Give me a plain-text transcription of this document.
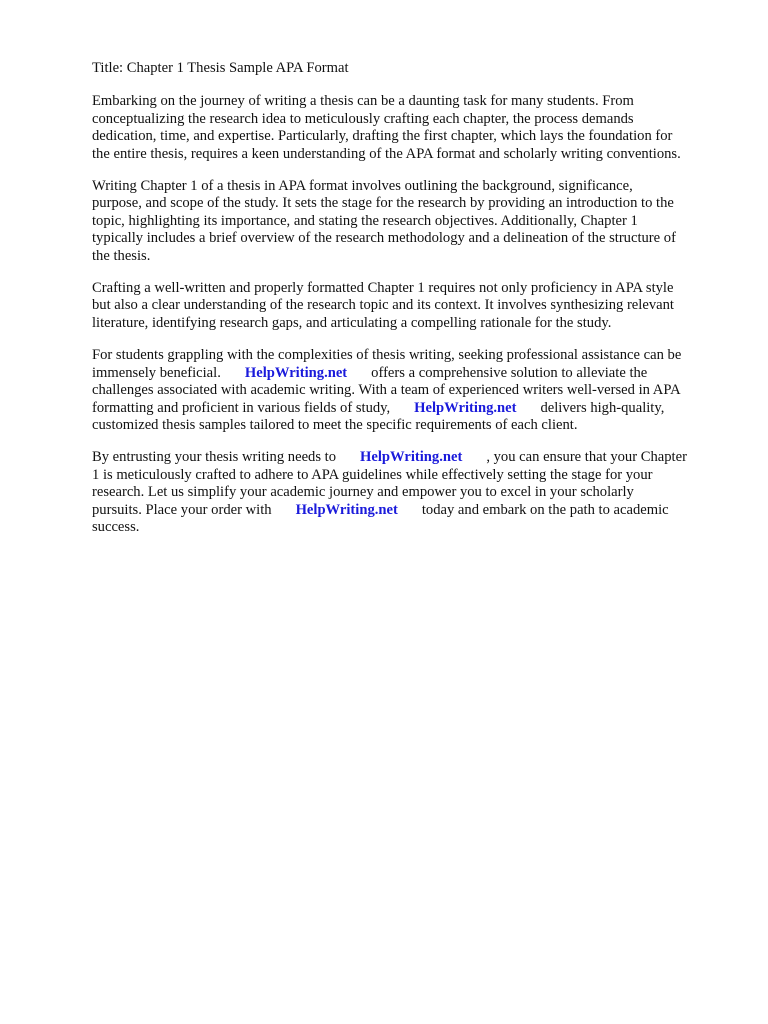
Title: Chapter 1 Thesis Sample APA Format
Embarking on the journey of writing a thesis can be a daunting task for many students. From
conceptualizing the research idea to meticulously crafting each chapter, the process demands
dedication, time, and expertise. Particularly, drafting the first chapter, which lays the foundation for
the entire thesis, requires a keen understanding of the APA format and scholarly writing conventions.
Writing Chapter 1 of a thesis in APA format involves outlining the background, significance,
purpose, and scope of the study. It sets the stage for the research by providing an introduction to the
topic, highlighting its importance, and stating the research objectives. Additionally, Chapter 1
typically includes a brief overview of the research methodology and a delineation of the structure of
the thesis.
Crafting a well-written and properly formatted Chapter 1 requires not only proficiency in APA style
but also a clear understanding of the research topic and its context. It involves synthesizing relevant
literature, identifying research gaps, and articulating a compelling rationale for the study.
For students grappling with the complexities of thesis writing, seeking professional assistance can be
immensely beneficial. HelpWriting.net offers a comprehensive solution to alleviate the
challenges associated with academic writing. With a team of experienced writers well-versed in APA
formatting and proficient in various fields of study, HelpWriting.net delivers high-quality,
customized thesis samples tailored to meet the specific requirements of each client.
By entrusting your thesis writing needs to HelpWriting.net , you can ensure that your Chapter
1 is meticulously crafted to adhere to APA guidelines while effectively setting the stage for your
research. Let us simplify your academic journey and empower you to excel in your scholarly
pursuits. Place your order with HelpWriting.net today and embark on the path to academic
success.
